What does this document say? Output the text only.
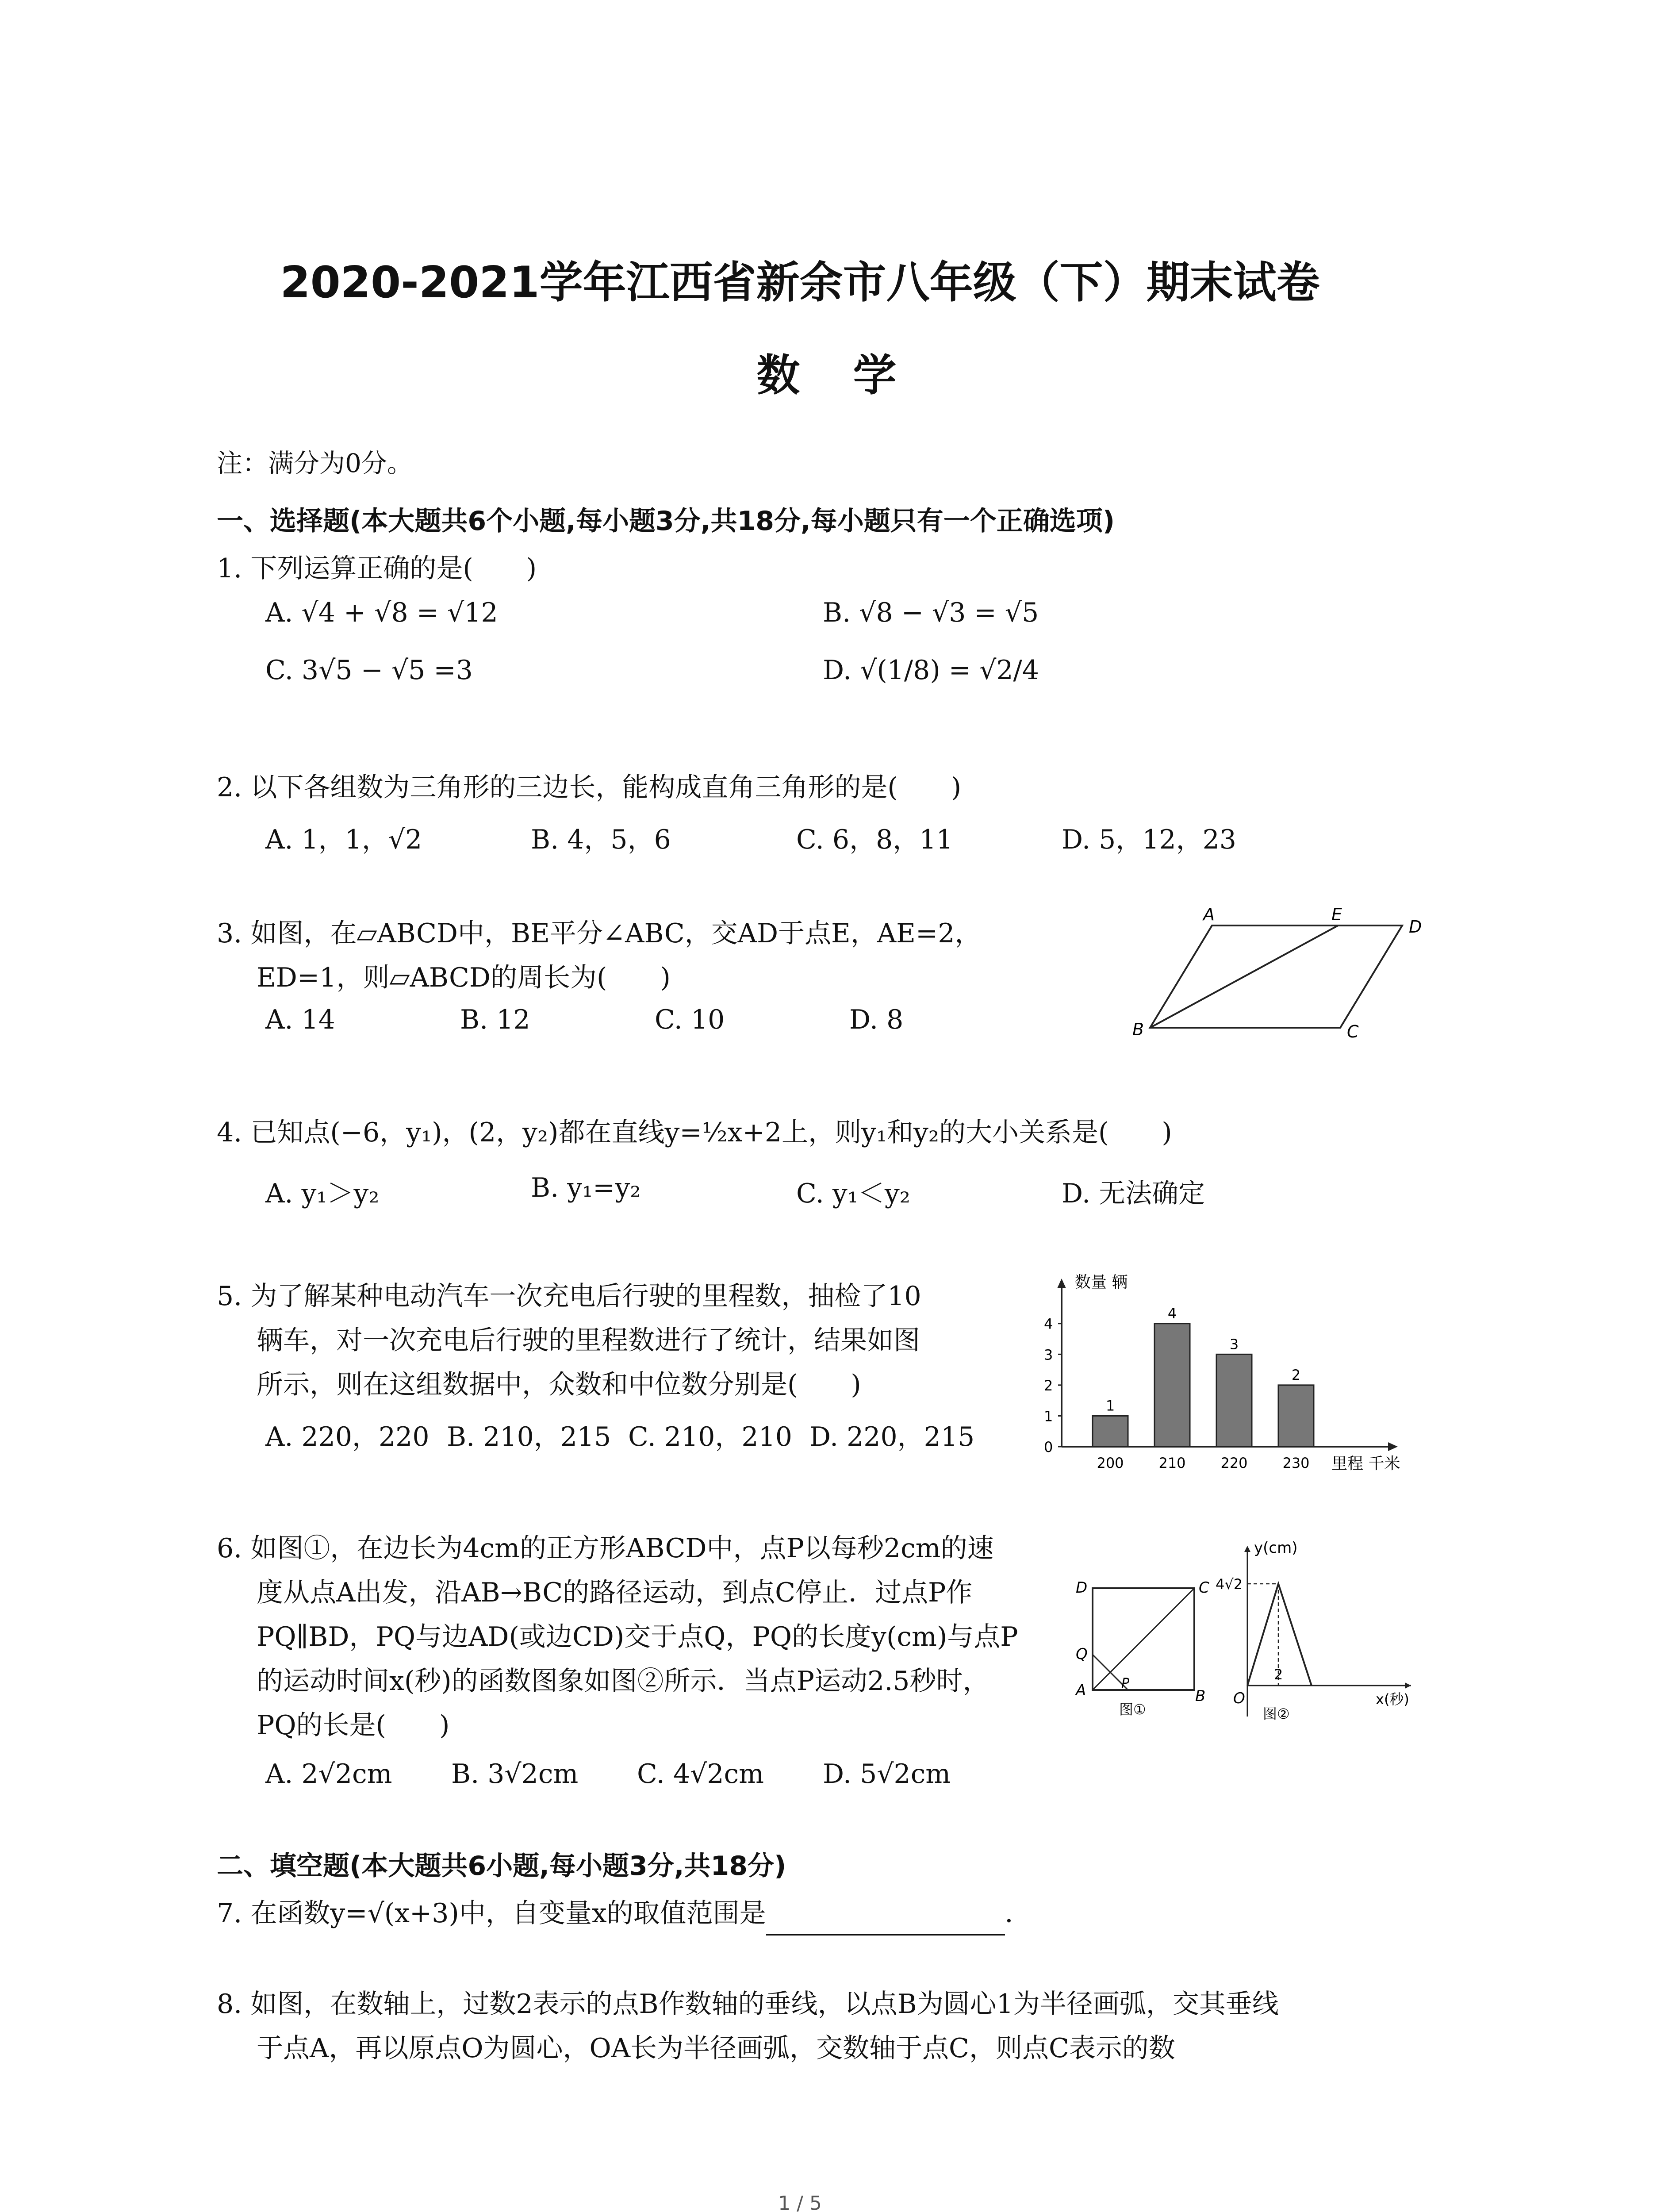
2020-2021学年江西省新余市八年级（下）期末试卷
数学
注：满分为0分。
一、选择题(本大题共6个小题,每小题3分,共18分,每小题只有一个正确选项)
1. 下列运算正确的是(　　)
A. √4 + √8 = √12	B. √8 − √3 = √5
C. 3√5 − √5 =3	D. √(1/8) = √2/4
2. 以下各组数为三角形的三边长，能构成直角三角形的是(　　)
A. 1，1，√2	B. 4，5，6	C. 6，8，11	D. 5，12，23
3. 如图，在▱ABCD中，BE平分∠ABC，交AD于点E，AE=2，
ED=1，则▱ABCD的周长为(　　)
A. 14	B. 12	C. 10	D. 8
A	E
D
B	C
4. 已知点(−6，y₁)，(2，y₂)都在直线y=½x+2上，则y₁和y₂的大小关系是(　　)
A. y₁＞y₂	B. y₁=y₂	C. y₁＜y₂	D. 无法确定
5. 为了解某种电动汽车一次充电后行驶的里程数，抽检了10
辆车，对一次充电后行驶的里程数进行了统计，结果如图
所示，则在这组数据中，众数和中位数分别是(　　)
A. 220，220 B. 210，215 C. 210，210 D. 220，215
数量 辆
里程 千米
0
1
2
3
4
1
200
4
210
3
220
2
230
6. 如图①，在边长为4cm的正方形ABCD中，点P以每秒2cm的速
度从点A出发，沿AB→BC的路径运动，到点C停止．过点P作
PQ∥BD，PQ与边AD(或边CD)交于点Q，PQ的长度y(cm)与点P
的运动时间x(秒)的函数图象如图②所示．当点P运动2.5秒时，
PQ的长是(　　)
A. 2√2cm B. 3√2cm C. 4√2cm D. 5√2cm
D	C
Q
A	P
B
图①
y(cm)
4√2
O
2
x(秒)
图②
二、填空题(本大题共6小题,每小题3分,共18分)
7. 在函数y=√(x+3)中，自变量x的取值范围是	．
8. 如图，在数轴上，过数2表示的点B作数轴的垂线，以点B为圆心1为半径画弧，交其垂线
于点A，再以原点O为圆心，OA长为半径画弧，交数轴于点C，则点C表示的数
1 / 5
